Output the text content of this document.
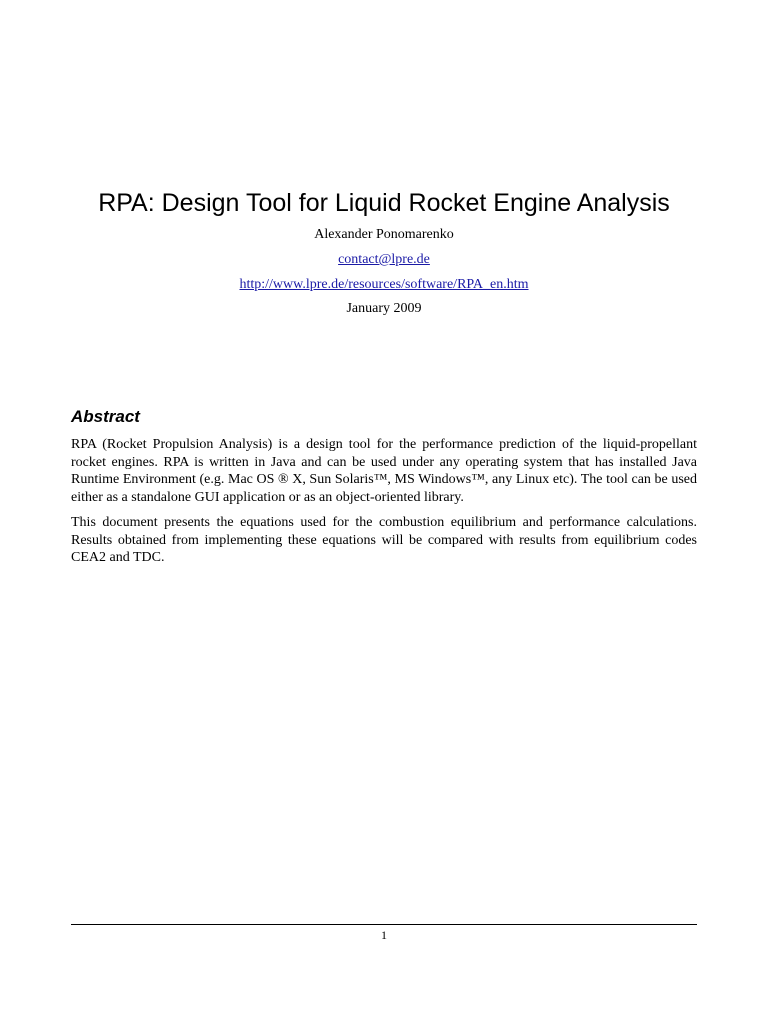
RPA: Design Tool for Liquid Rocket Engine Analysis
Alexander Ponomarenko
contact@lpre.de
http://www.lpre.de/resources/software/RPA_en.htm
January 2009
Abstract

RPA (Rocket Propulsion Analysis) is a design tool for the performance prediction of the liquid-propellant rocket engines. RPA is written in Java and can be used under any operating system that has installed Java Runtime Environment (e.g. Mac OS ® X, Sun Solaris™, MS Windows™, any Linux etc). The tool can be used either as a standalone GUI application or as an object-oriented library.

This document presents the equations used for the combustion equilibrium and performance calculations. Results obtained from implementing these equations will be compared with results from equilibrium codes CEA2 and TDC.

1
